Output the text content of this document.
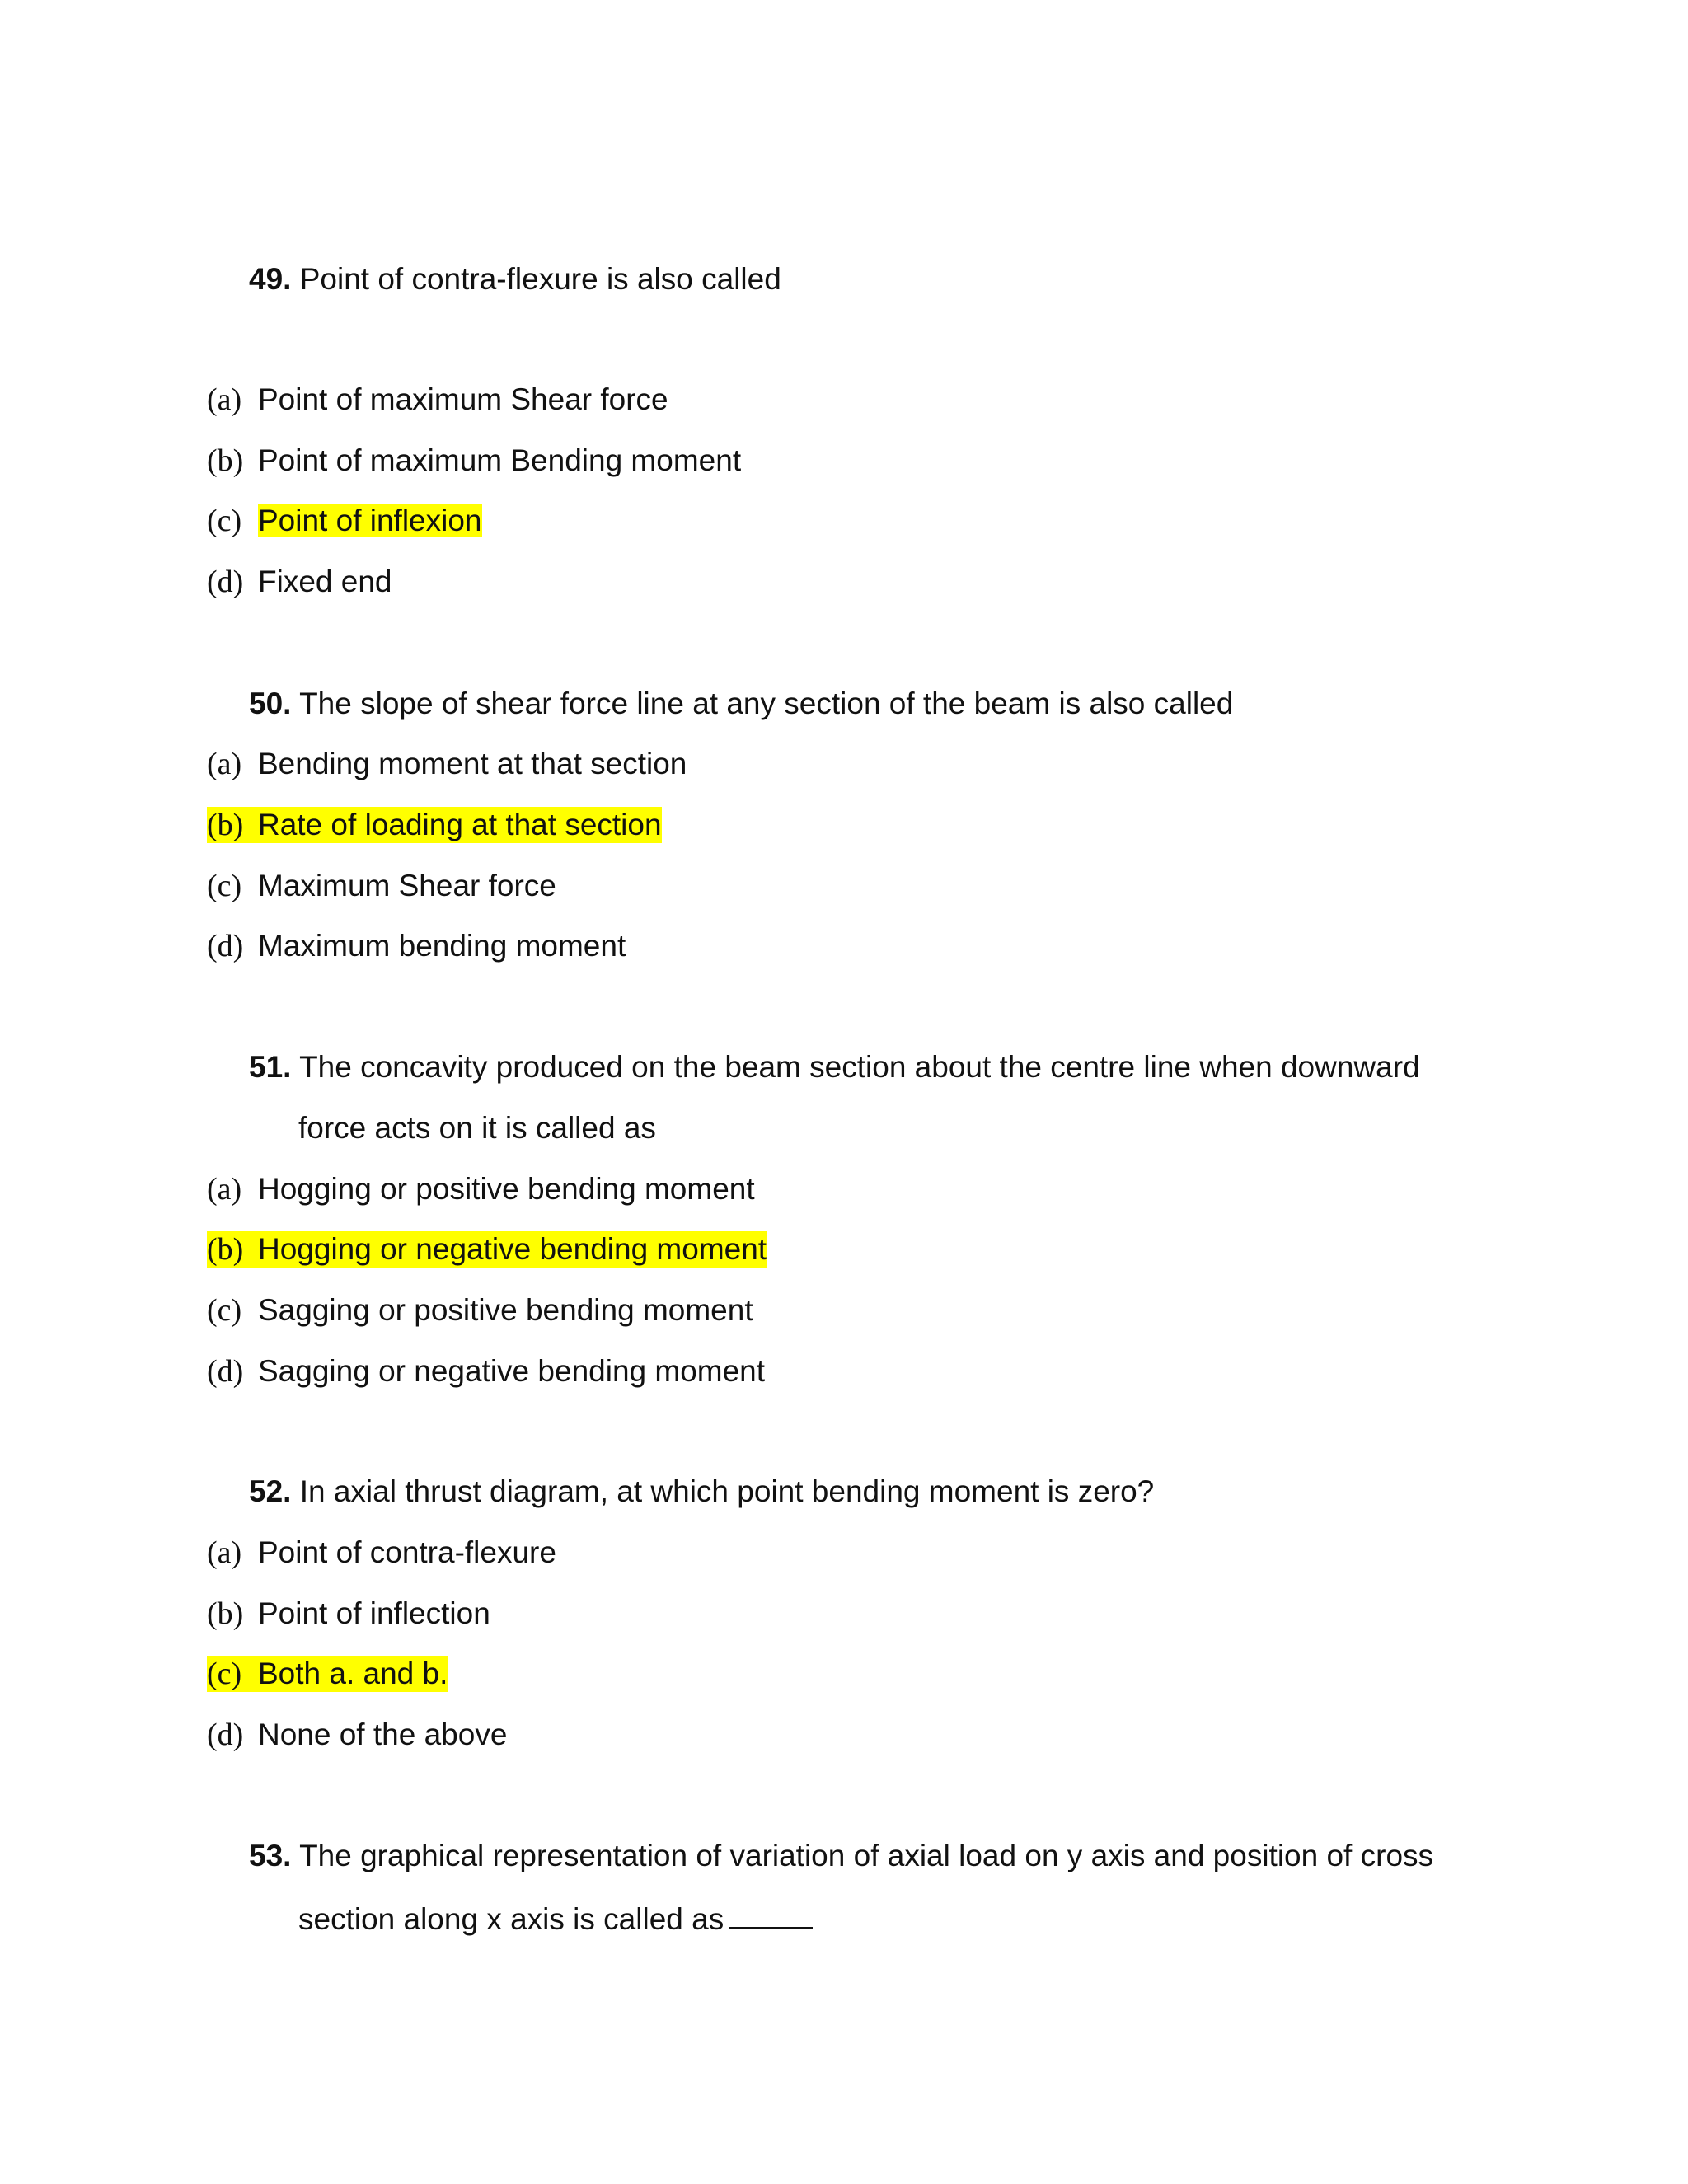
49. Point of contra-flexure is also called
(a) Point of maximum Shear force
(b) Point of maximum Bending moment
(c) Point of inflexion
(d) Fixed end
50. The slope of shear force line at any section of the beam is also called
(a) Bending moment at that section
(b) Rate of loading at that section
(c) Maximum Shear force
(d) Maximum bending moment
51. The concavity produced on the beam section about the centre line when downward
force acts on it is called as
(a) Hogging or positive bending moment
(b) Hogging or negative bending moment
(c) Sagging or positive bending moment
(d) Sagging or negative bending moment
52. In axial thrust diagram, at which point bending moment is zero?
(a) Point of contra-flexure
(b) Point of inflection
(c) Both a. and b.
(d) None of the above
53. The graphical representation of variation of axial load on y axis and position of cross
section along x axis is called as
